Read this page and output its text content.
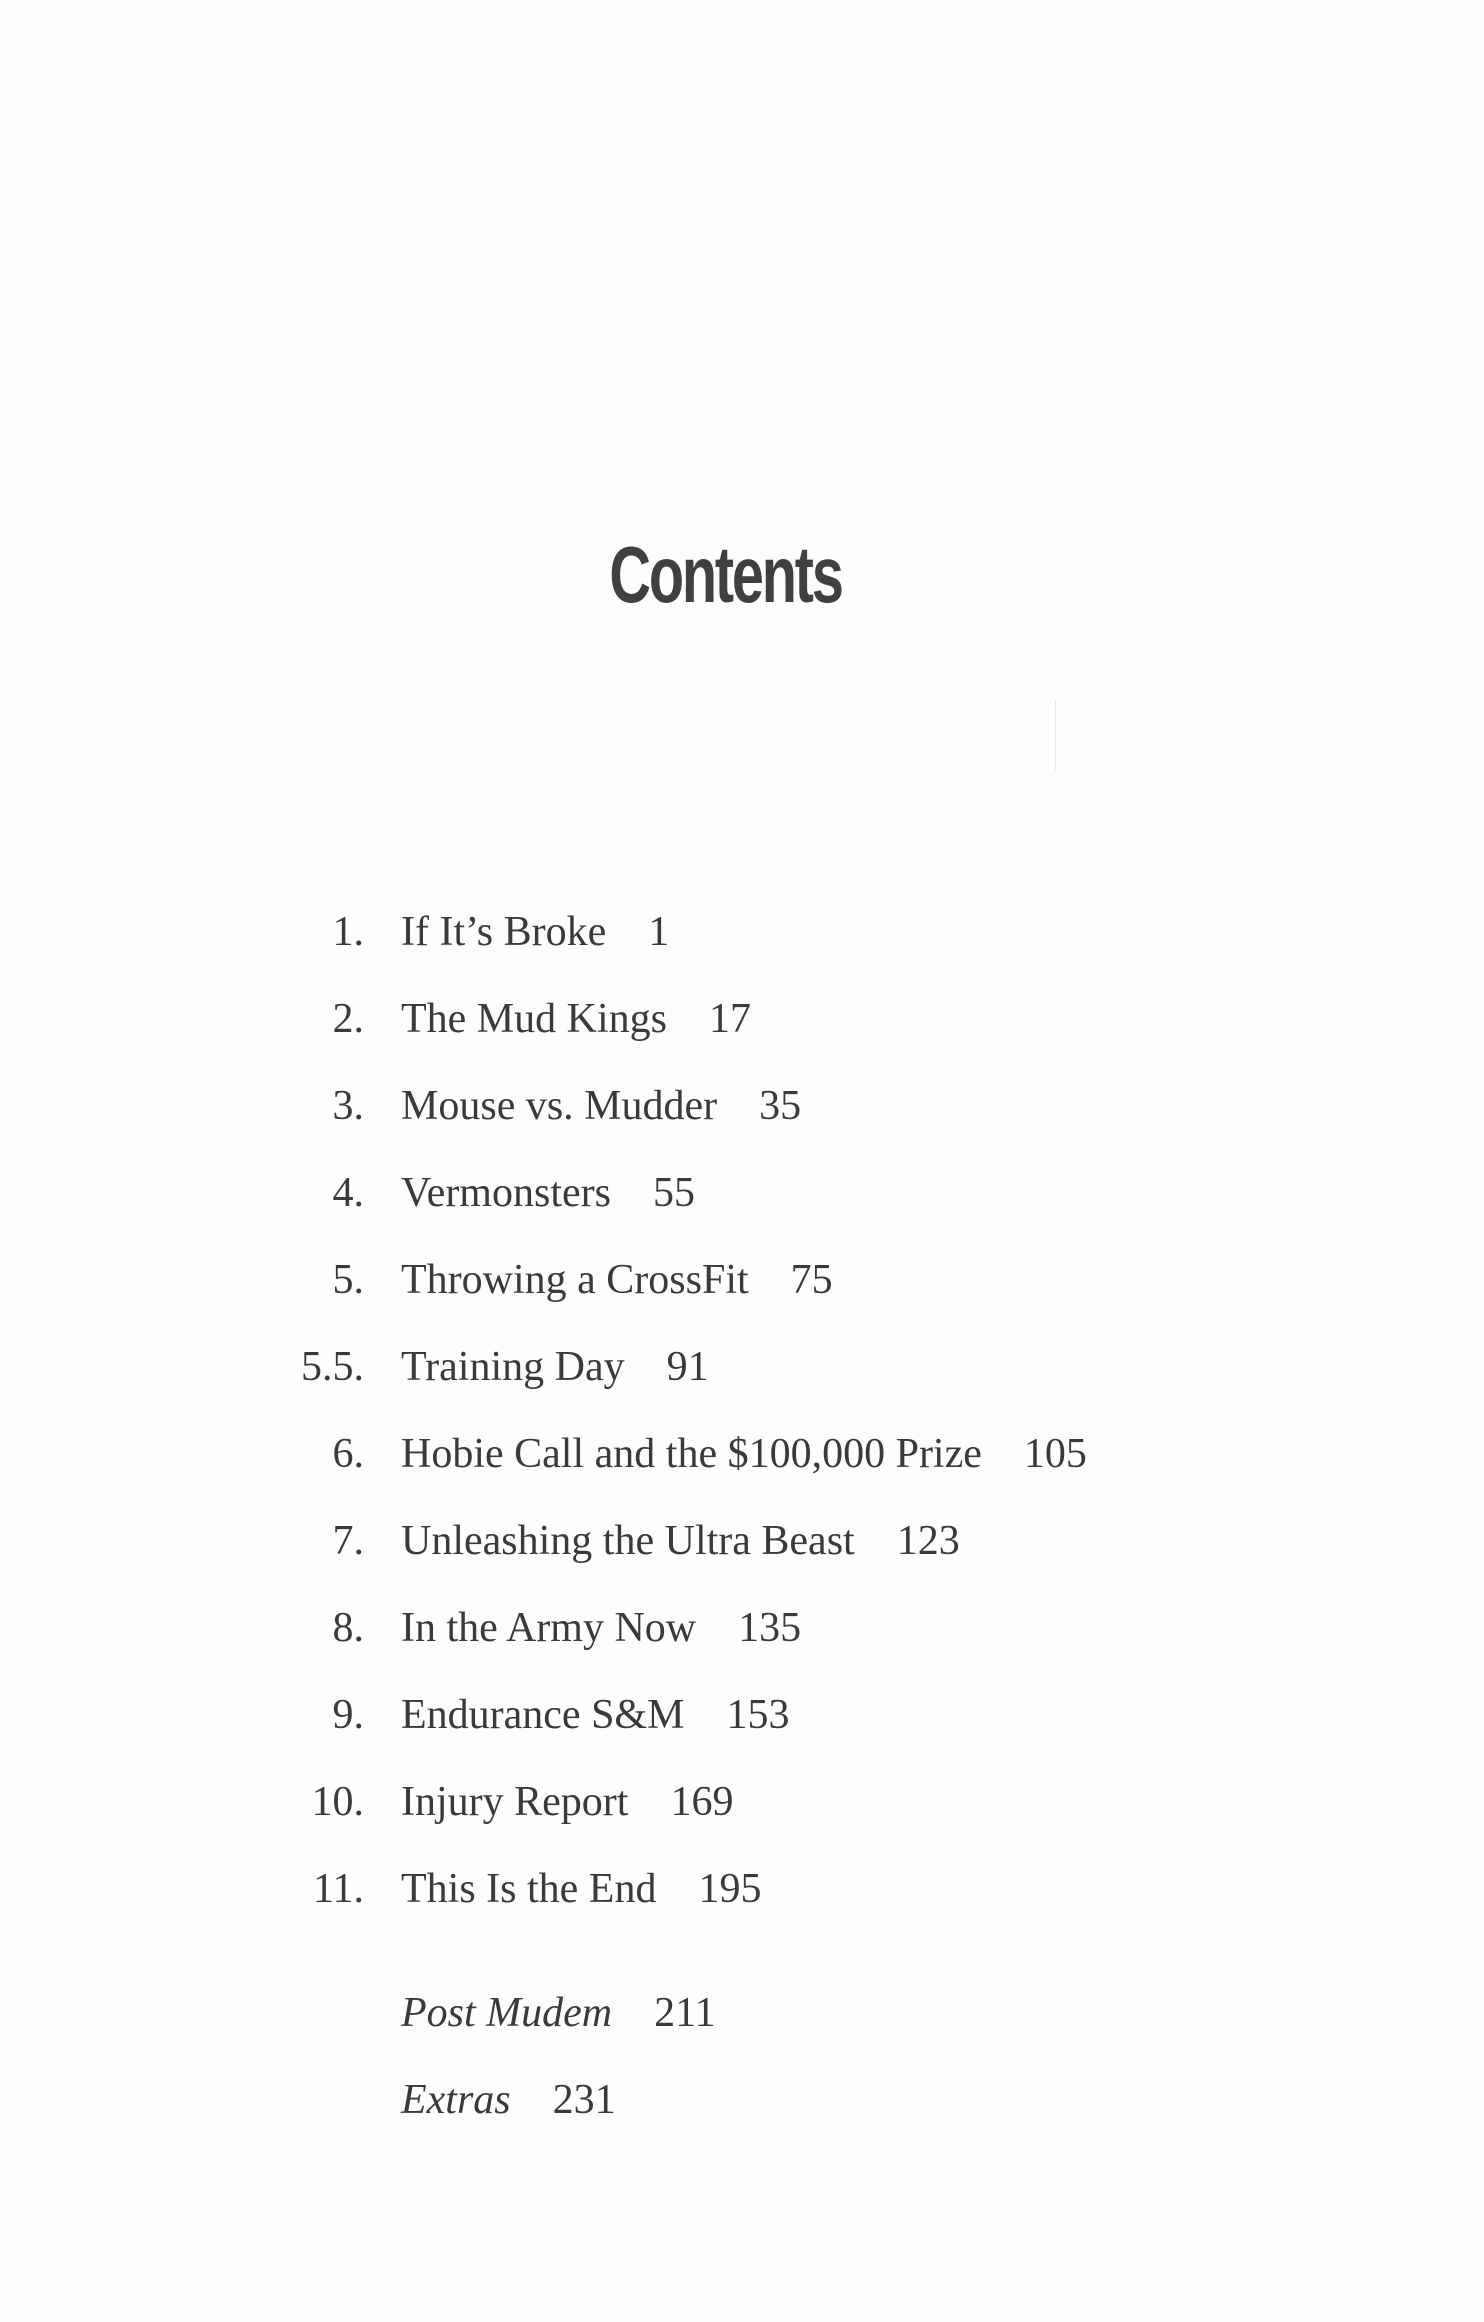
Contents
1. If It’s Broke 1
2. The Mud Kings 17
3. Mouse vs. Mudder 35
4. Vermonsters 55
5. Throwing a CrossFit 75
5.5. Training Day 91
6. Hobie Call and the $100,000 Prize 105
7. Unleashing the Ultra Beast 123
8. In the Army Now 135
9. Endurance S&M 153
10. Injury Report 169
11. This Is the End 195
Post Mudem 211
Extras 231
